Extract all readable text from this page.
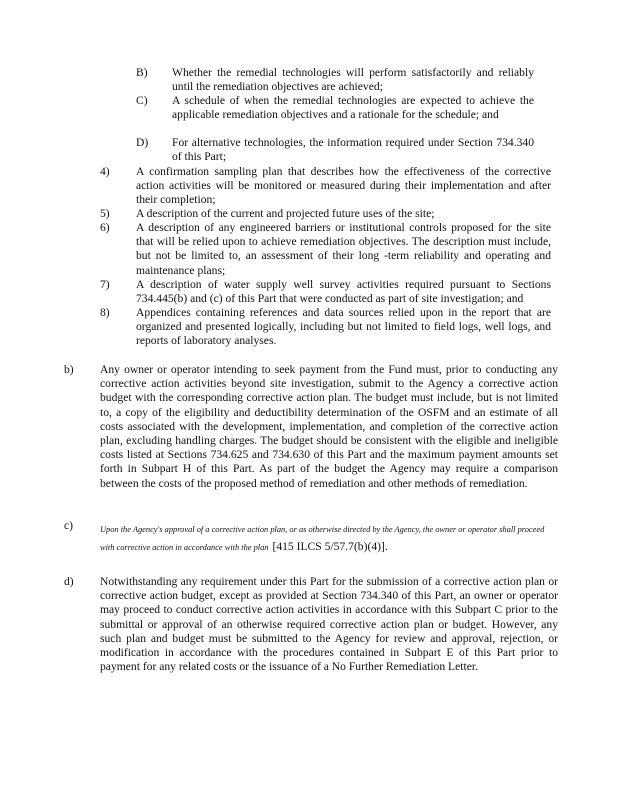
B)	Whether the remedial technologies will perform satisfactorily and reliably until the remediation objectives are achieved;
C)	A schedule of when the remedial technologies are expected to achieve the applicable remediation objectives and a rationale for the schedule; and
D)	For alternative technologies, the information required under Section 734.340 of this Part;
4)	A confirmation sampling plan that describes how the effectiveness of the corrective action activities will be monitored or measured during their implementation and after their completion;
5)	A description of the current and projected future uses of the site;
6)	A description of any engineered barriers or institutional controls proposed for the site that will be relied upon to achieve remediation objectives. The description must include, but not be limited to, an assessment of their long -term reliability and operating and maintenance plans;
7)	A description of water supply well survey activities required pursuant to Sections 734.445(b) and (c) of this Part that were conducted as part of site investigation; and
8)	Appendices containing references and data sources relied upon in the report that are organized and presented logically, including but not limited to field logs, well logs, and reports of laboratory analyses.
b)	Any owner or operator intending to seek payment from the Fund must, prior to conducting any corrective action activities beyond site investigation, submit to the Agency a corrective action budget with the corresponding corrective action plan. The budget must include, but is not limited to, a copy of the eligibility and deductibility determination of the OSFM and an estimate of all costs associated with the development, implementation, and completion of the corrective action plan, excluding handling charges. The budget should be consistent with the eligible and ineligible costs listed at Sections 734.625 and 734.630 of this Part and the maximum payment amounts set forth in Subpart H of this Part. As part of the budget the Agency may require a comparison between the costs of the proposed method of remediation and other methods of remediation.
c)	Upon the Agency's approval of a corrective action plan, or as otherwise directed by the Agency, the owner or operator shall proceed with corrective action in accordance with the plan [415 ILCS 5/57.7(b)(4)].
d)	Notwithstanding any requirement under this Part for the submission of a corrective action plan or corrective action budget, except as provided at Section 734.340 of this Part, an owner or operator may proceed to conduct corrective action activities in accordance with this Subpart C prior to the submittal or approval of an otherwise required corrective action plan or budget. However, any such plan and budget must be submitted to the Agency for review and approval, rejection, or modification in accordance with the procedures contained in Subpart E of this Part prior to payment for any related costs or the issuance of a No Further Remediation Letter.
